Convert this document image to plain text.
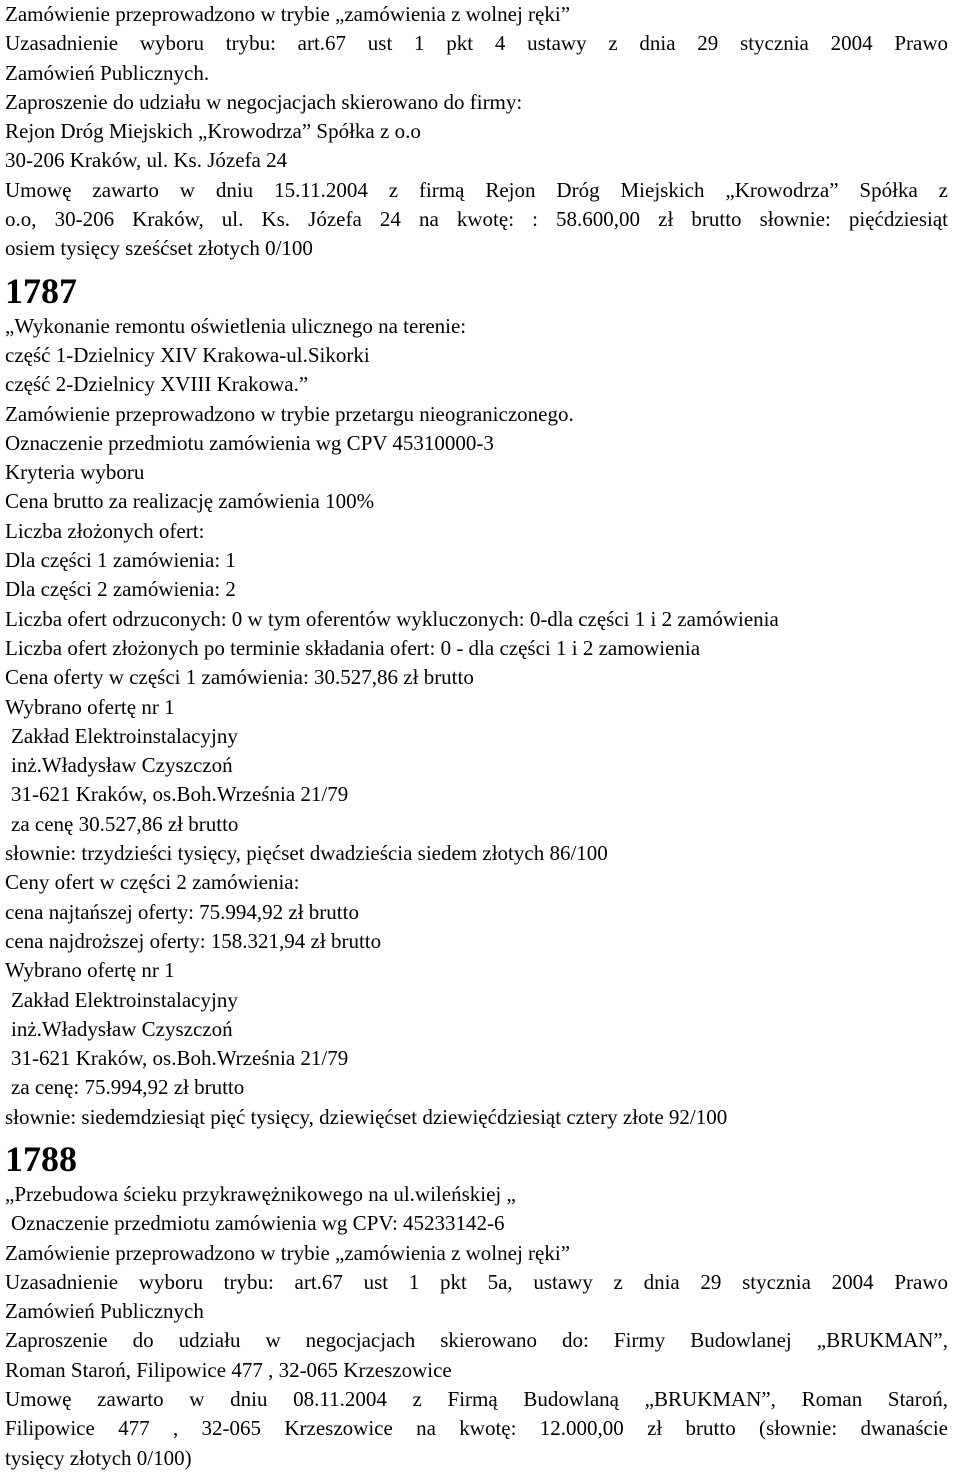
Zamówienie przeprowadzono w trybie „zamówienia z wolnej ręki”
Uzasadnienie wyboru trybu: art.67 ust 1 pkt 4 ustawy z dnia 29 stycznia 2004 Prawo
Zamówień Publicznych.
Zaproszenie do udziału w negocjacjach skierowano do firmy:
Rejon Dróg Miejskich „Krowodrza” Spółka z o.o
30-206 Kraków, ul. Ks. Józefa 24
Umowę zawarto w dniu 15.11.2004 z firmą Rejon Dróg Miejskich „Krowodrza” Spółka z
o.o, 30-206 Kraków, ul. Ks. Józefa 24 na kwotę: : 58.600,00 zł brutto słownie: pięćdziesiąt
osiem tysięcy sześćset złotych 0/100
1787
„Wykonanie remontu oświetlenia ulicznego na terenie:
część 1-Dzielnicy XIV Krakowa-ul.Sikorki
część 2-Dzielnicy XVIII Krakowa.”
Zamówienie przeprowadzono w trybie przetargu nieograniczonego.
Oznaczenie przedmiotu zamówienia wg CPV 45310000-3
Kryteria wyboru
Cena brutto za realizację zamówienia 100%
Liczba złożonych ofert:
Dla części 1 zamówienia: 1
Dla części 2 zamówienia: 2
Liczba ofert odrzuconych: 0 w tym oferentów wykluczonych: 0-dla części 1 i 2 zamówienia
Liczba ofert złożonych po terminie składania ofert: 0 - dla części 1 i 2 zamowienia
Cena oferty w części 1 zamówienia: 30.527,86 zł brutto
Wybrano ofertę nr 1
Zakład Elektroinstalacyjny
inż.Władysław Czyszczoń
31-621 Kraków, os.Boh.Września 21/79
za cenę 30.527,86 zł brutto
słownie: trzydzieści tysięcy, pięćset dwadzieścia siedem złotych 86/100
Ceny ofert w części 2 zamówienia:
cena najtańszej oferty: 75.994,92 zł brutto
cena najdroższej oferty: 158.321,94 zł brutto
Wybrano ofertę nr 1
Zakład Elektroinstalacyjny
inż.Władysław Czyszczoń
31-621 Kraków, os.Boh.Września 21/79
za cenę: 75.994,92 zł brutto
słownie: siedemdziesiąt pięć tysięcy, dziewięćset dziewięćdziesiąt cztery złote 92/100
1788
„Przebudowa ścieku przykrawężnikowego na ul.wileńskiej „
Oznaczenie przedmiotu zamówienia wg CPV: 45233142-6
Zamówienie przeprowadzono w trybie „zamówienia z wolnej ręki”
Uzasadnienie wyboru trybu: art.67 ust 1 pkt 5a, ustawy z dnia 29 stycznia 2004 Prawo
Zamówień Publicznych
Zaproszenie do udziału w negocjacjach skierowano do: Firmy Budowlanej „BRUKMAN”,
Roman Staroń, Filipowice 477 , 32-065 Krzeszowice
Umowę zawarto w dniu 08.11.2004 z Firmą Budowlaną „BRUKMAN”, Roman Staroń,
Filipowice 477 , 32-065 Krzeszowice na kwotę: 12.000,00 zł brutto (słownie: dwanaście
tysięcy złotych 0/100)
